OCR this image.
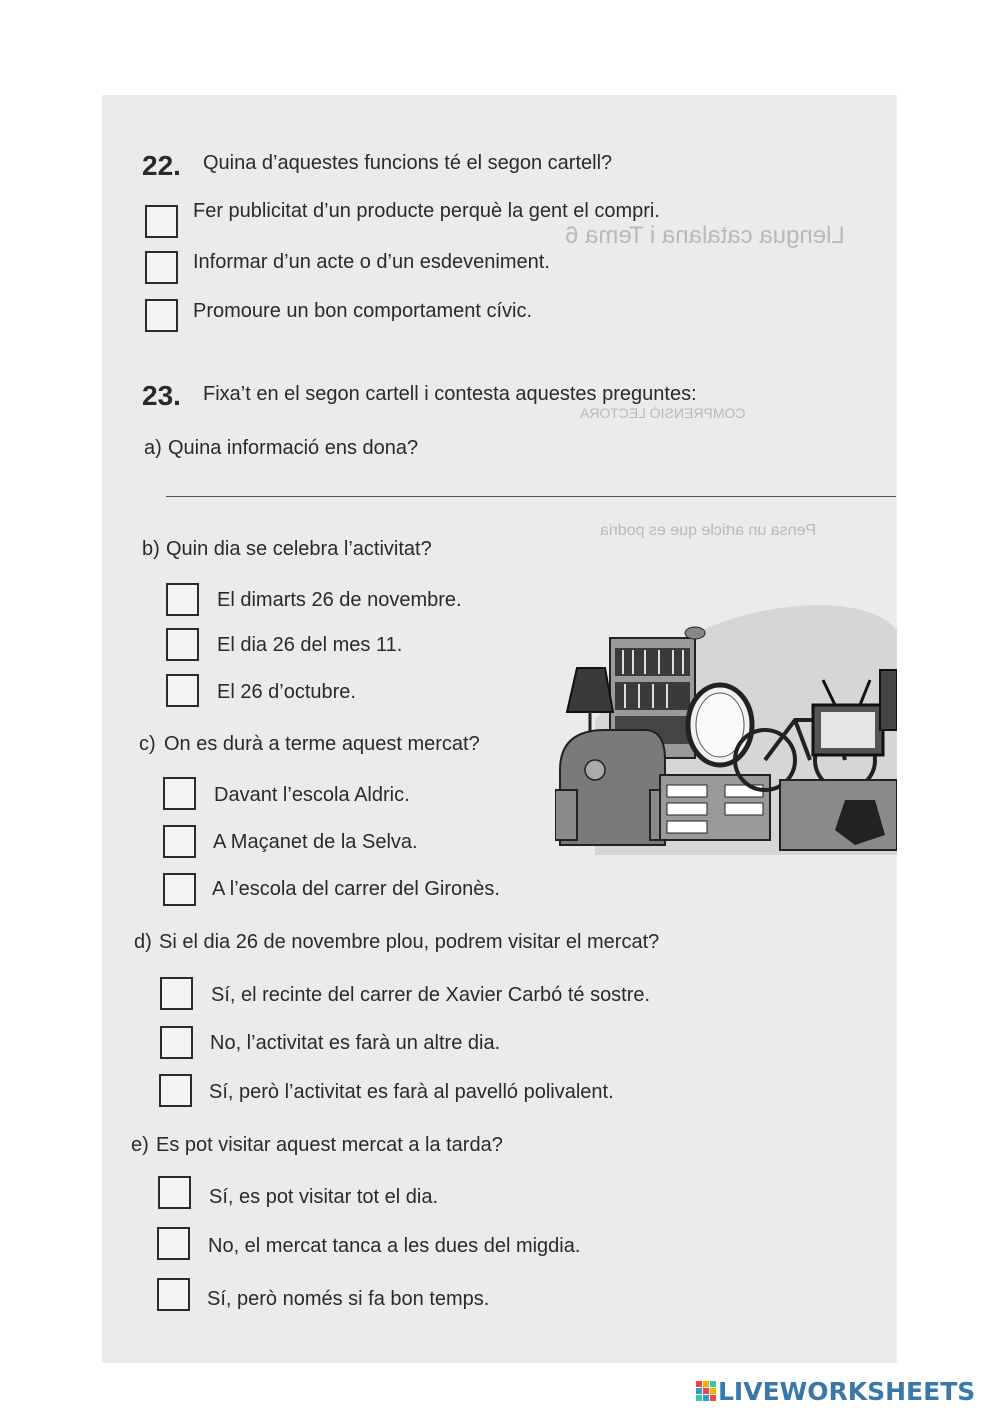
Llengua catalana i Tema 6
COMPRENSIÓ LECTORA
Pensa un article que es podria
22. Quina d’aquestes funcions té el segon cartell?
Fer publicitat d’un producte perquè la gent el compri.
Informar d’un acte o d’un esdeveniment.
Promoure un bon comportament cívic.
23. Fixa’t en el segon cartell i contesta aquestes preguntes:
a) Quina informació ens dona?
b) Quin dia se celebra l’activitat?
El dimarts 26 de novembre.
El dia 26 del mes 11.
El 26 d’octubre.
c) On es durà a terme aquest mercat?
Davant l’escola Aldric.
A Maçanet de la Selva.
A l’escola del carrer del Gironès.
d) Si el dia 26 de novembre plou, podrem visitar el mercat?
Sí, el recinte del carrer de Xavier Carbó té sostre.
No, l’activitat es farà un altre dia.
Sí, però l’activitat es farà al pavelló polivalent.
e) Es pot visitar aquest mercat a la tarda?
Sí, es pot visitar tot el dia.
No, el mercat tanca a les dues del migdia.
Sí, però només si fa bon temps.
LIVEWORKSHEETS
